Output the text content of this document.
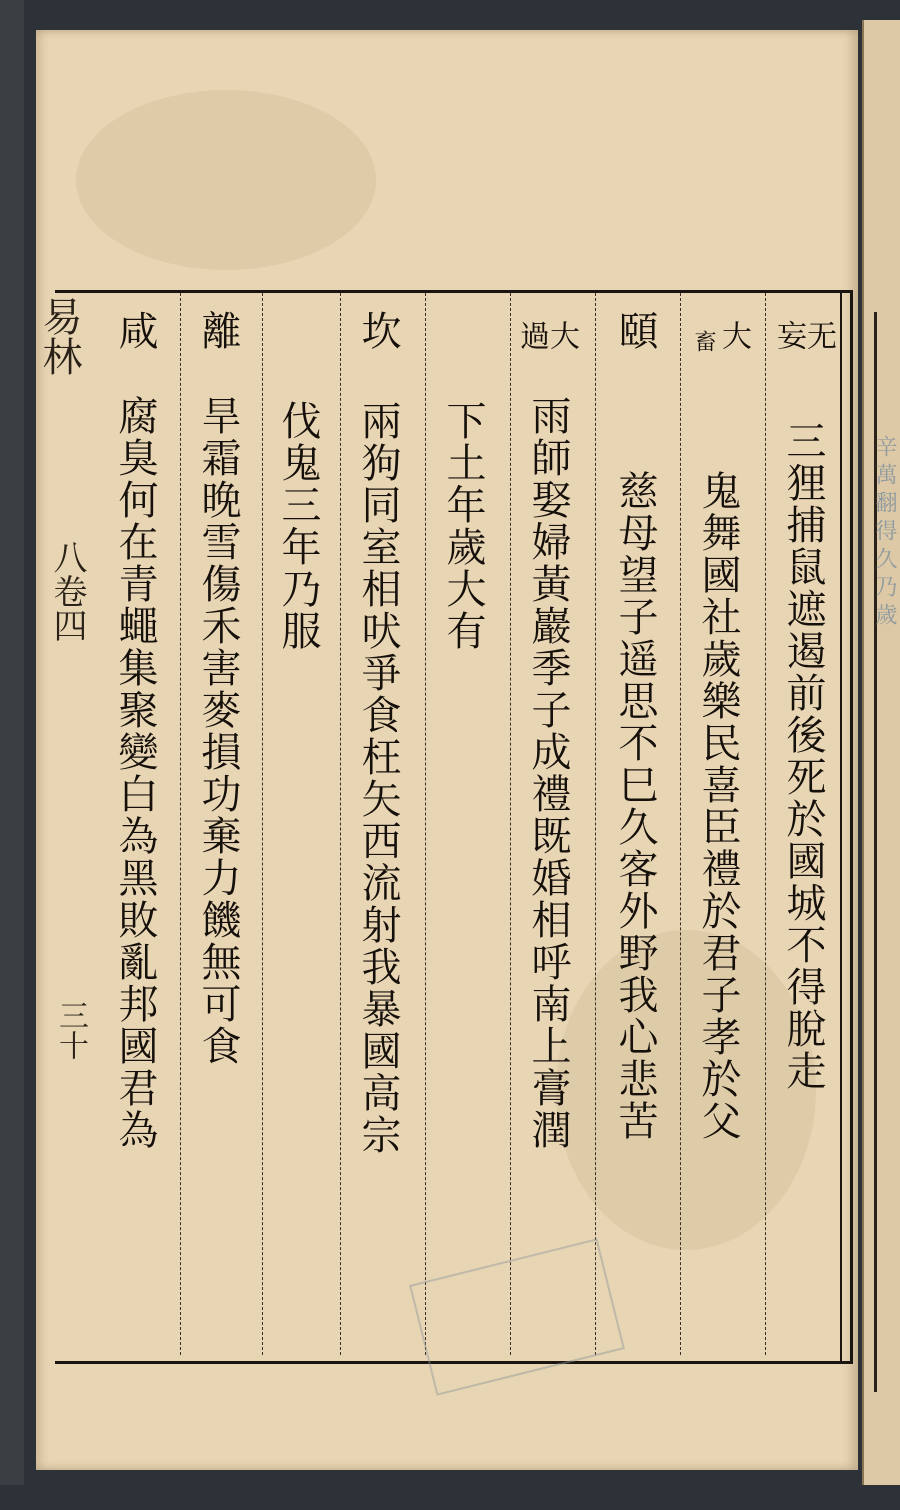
辛萬翻得久乃歲
易林
八卷四
三十
无
妄
三狸捕鼠遮遏前後死於國城不得脫走
大
畜
鬼舞國社歲樂民喜臣禮於君子孝於父
頤
慈母望子遥思不巳久客外野我心悲苦
大
過
雨師娶婦黃巖季子成禮既婚相呼南上膏潤
下土年歲大有
坎
兩狗同室相吠爭食枉矢西流射我暴國高宗
伐鬼三年乃服
離
旱霜晚雪傷禾害麥損功棄力饑無可食
咸
腐臭何在青蠅集聚變白為黑敗亂邦國君為
